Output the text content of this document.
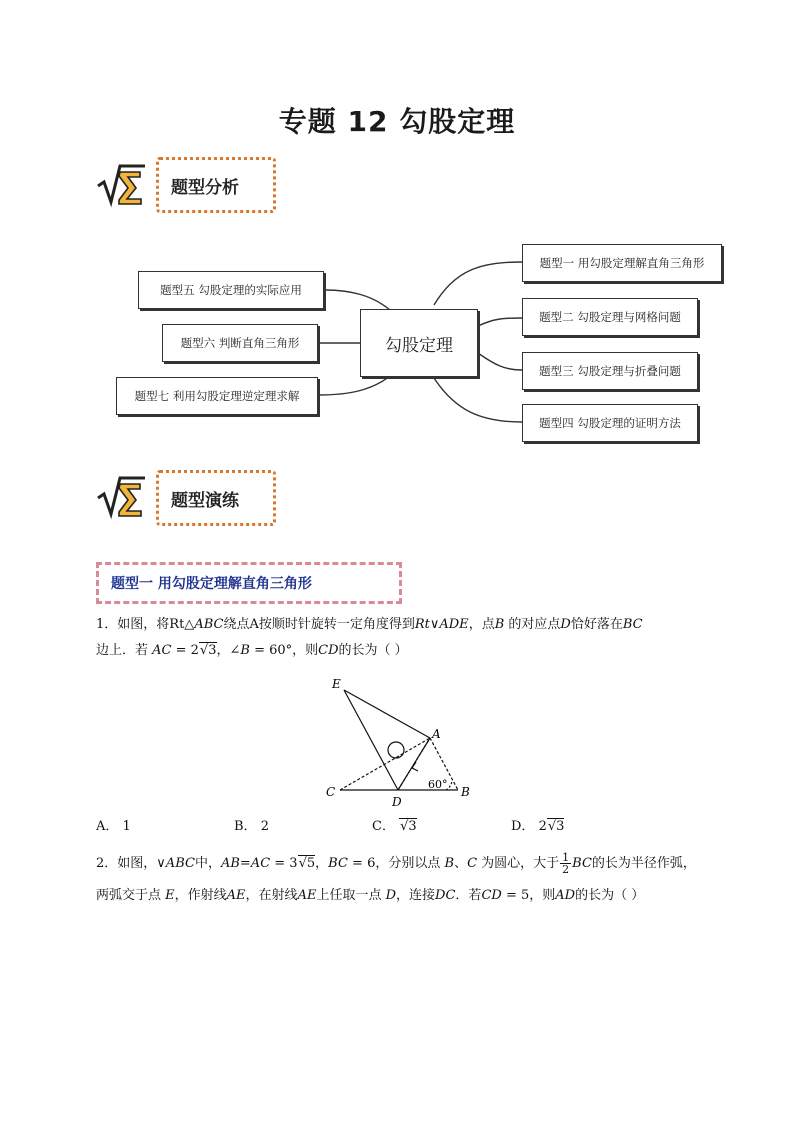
专题 12 勾股定理
题型分析
勾股定理
题型一 用勾股定理解直角三角形
题型二 勾股定理与网格问题
题型三 勾股定理与折叠问题
题型四 勾股定理的证明方法
题型五 勾股定理的实际应用
题型六 判断直角三角形
题型七 利用勾股定理逆定理求解
题型演练
题型一 用勾股定理解直角三角形
1．如图，将Rt△ABC绕点A按顺时针旋转一定角度得到Rt∨ADE，点B 的对应点D恰好落在BC
边上．若 AC = 2√3，∠B = 60°，则CD的长为（ ）
E
A
C
D
B
60°
A． 1	B． 2	C． √3	D． 2√3
2．如图，∨ABC中，AB=AC = 3√5，BC = 6，分别以点 B、C 为圆心，大于 $\frac{1}{2}$ BC的长为半径作弧，
两弧交于点 E，作射线AE，在射线AE上任取一点 D，连接DC．若CD = 5，则AD的长为（ ）
